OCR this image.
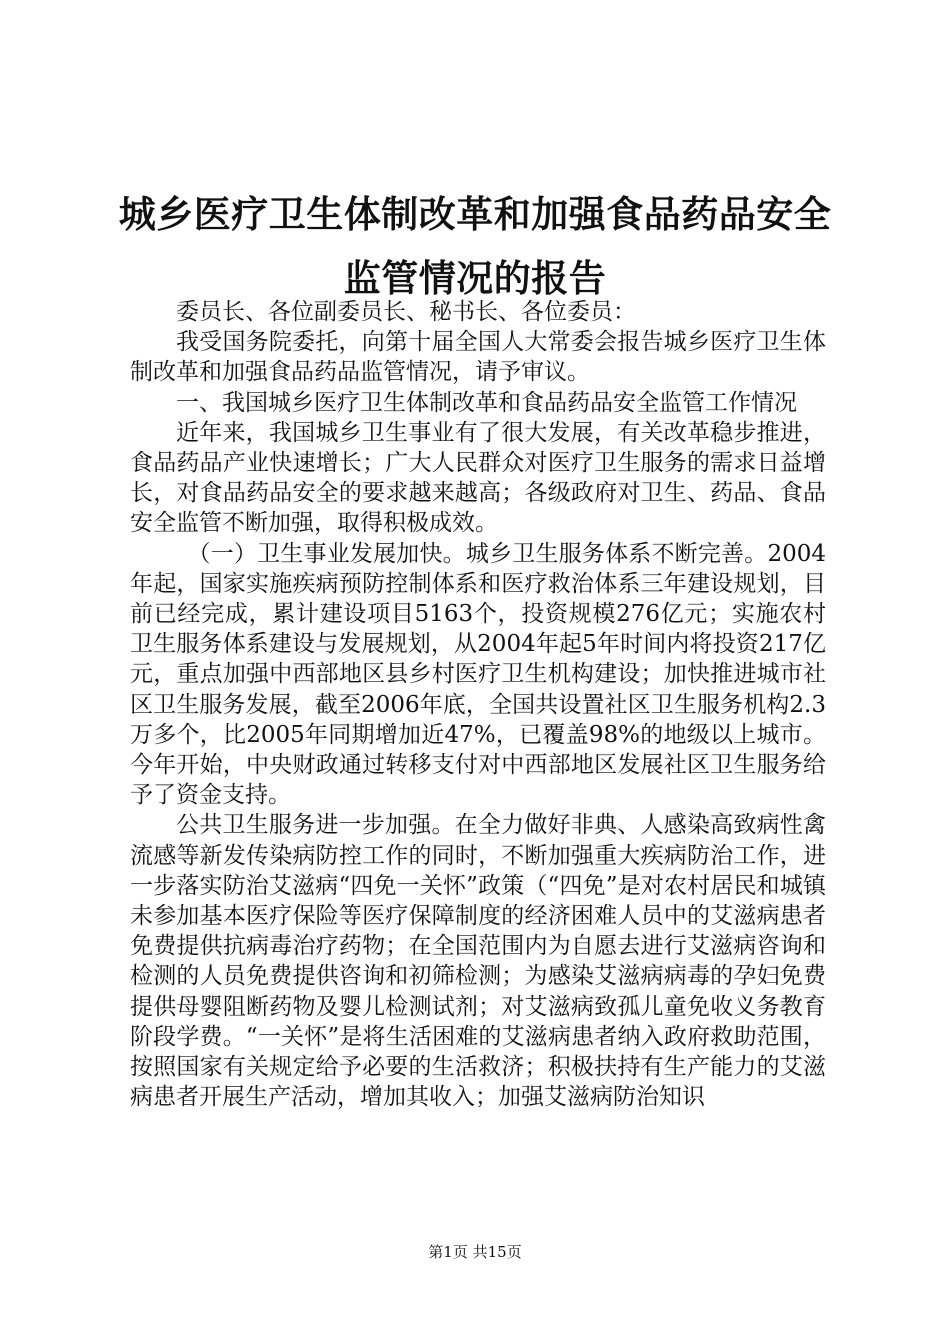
城乡医疗卫生体制改革和加强食品药品安全监管情况的报告

委员长、各位副委员长、秘书长、各位委员：

我受国务院委托，向第十届全国人大常委会报告城乡医疗卫生体制改革和加强食品药品监管情况，请予审议。

一、我国城乡医疗卫生体制改革和食品药品安全监管工作情况

近年来，我国城乡卫生事业有了很大发展，有关改革稳步推进，食品药品产业快速增长；广大人民群众对医疗卫生服务的需求日益增长，对食品药品安全的要求越来越高；各级政府对卫生、药品、食品安全监管不断加强，取得积极成效。

（一）卫生事业发展加快。城乡卫生服务体系不断完善。2004年起，国家实施疾病预防控制体系和医疗救治体系三年建设规划，目前已经完成，累计建设项目5163个，投资规模276亿元；实施农村卫生服务体系建设与发展规划，从2004年起5年时间内将投资217亿元，重点加强中西部地区县乡村医疗卫生机构建设；加快推进城市社区卫生服务发展，截至2006年底，全国共设置社区卫生服务机构2.3万多个，比2005年同期增加近47%，已覆盖98%的地级以上城市。今年开始，中央财政通过转移支付对中西部地区发展社区卫生服务给予了资金支持。

公共卫生服务进一步加强。在全力做好非典、人感染高致病性禽流感等新发传染病防控工作的同时，不断加强重大疾病防治工作，进一步落实防治艾滋病“四免一关怀”政策（“四免”是对农村居民和城镇未参加基本医疗保险等医疗保障制度的经济困难人员中的艾滋病患者免费提供抗病毒治疗药物；在全国范围内为自愿去进行艾滋病咨询和检测的人员免费提供咨询和初筛检测；为感染艾滋病病毒的孕妇免费提供母婴阻断药物及婴儿检测试剂；对艾滋病致孤儿童免收义务教育阶段学费。“一关怀”是将生活困难的艾滋病患者纳入政府救助范围，按照国家有关规定给予必要的生活救济；积极扶持有生产能力的艾滋病患者开展生产活动，增加其收入；加强艾滋病防治知识

第1页 共15页
